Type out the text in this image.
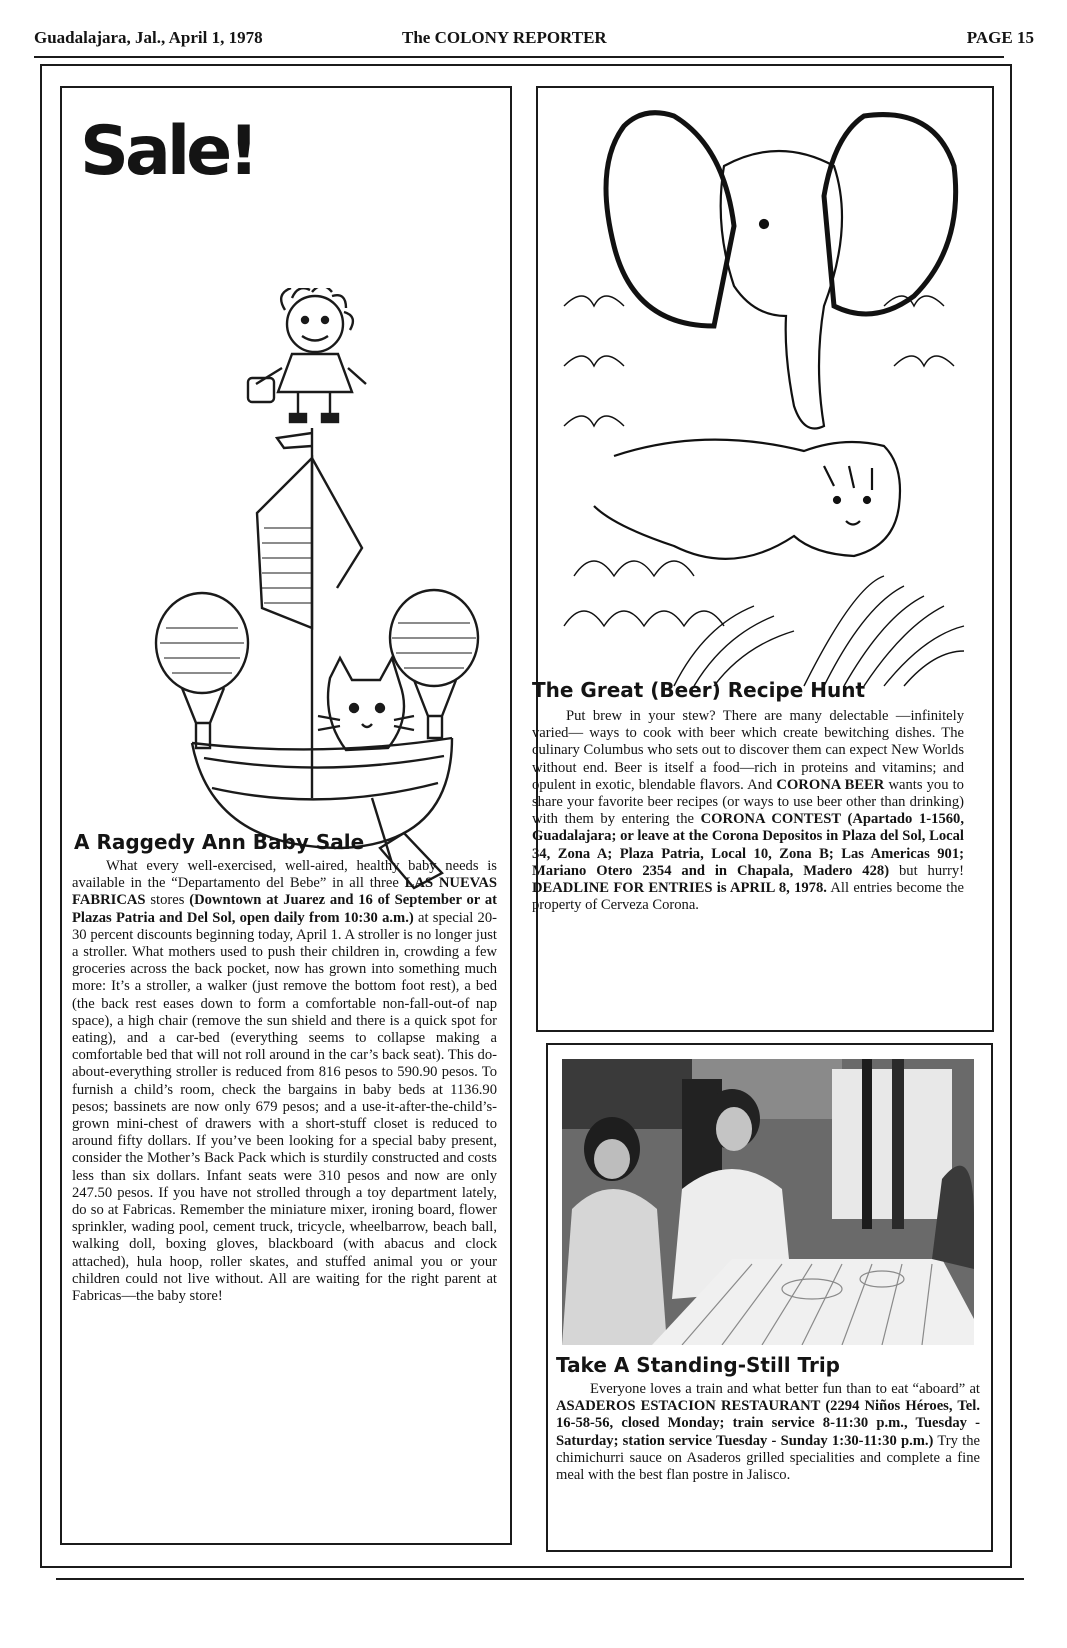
Guadalajara, Jal., April 1, 1978	The COLONY REPORTER	PAGE 15
Sale!
A Raggedy Ann Baby Sale

What every well-exercised, well-aired, healthy baby needs is available in the “Departamento del Bebe” in all three LAS NUEVAS FABRICAS stores (Downtown at Juarez and 16 of September or at Plazas Patria and Del Sol, open daily from 10:30 a.m.) at special 20-30 percent discounts beginning today, April 1. A stroller is no longer just a stroller. What mothers used to push their children in, crowding a few groceries across the back pocket, now has grown into something much more: It’s a stroller, a walker (just remove the bottom foot rest), a bed (the back rest eases down to form a comfortable non-fall-out-of nap space), a high chair (remove the sun shield and there is a quick spot for eating), and a car-bed (everything seems to collapse making a comfortable bed that will not roll around in the car’s back seat). This do-about-everything stroller is reduced from 816 pesos to 590.90 pesos. To furnish a child’s room, check the bargains in baby beds at 1136.90 pesos; bassinets are now only 679 pesos; and a use-it-after-the-child’s-grown mini-chest of drawers with a short-stuff closet is reduced to around fifty dollars. If you’ve been looking for a special baby present, consider the Mother’s Back Pack which is sturdily constructed and costs less than six dollars. Infant seats were 310 pesos and now are only 247.50 pesos. If you have not strolled through a toy department lately, do so at Fabricas. Remember the miniature mixer, ironing board, flower sprinkler, wading pool, cement truck, tricycle, wheelbarrow, beach ball, walking doll, boxing gloves, blackboard (with abacus and clock attached), hula hoop, roller skates, and stuffed animal you or your children could not live without. All are waiting for the right parent at Fabricas—the baby store!

The Great (Beer) Recipe Hunt

Put brew in your stew? There are many delectable —infinitely varied— ways to cook with beer which create bewitching dishes. The culinary Columbus who sets out to discover them can expect New Worlds without end. Beer is itself a food—rich in proteins and vitamins; and opulent in exotic, blendable flavors. And CORONA BEER wants you to share your favorite beer recipes (or ways to use beer other than drinking) with them by entering the CORONA CONTEST (Apartado 1-1560, Guadalajara; or leave at the Corona Depositos in Plaza del Sol, Local 34, Zona A; Plaza Patria, Local 10, Zona B; Las Americas 901; Mariano Otero 2354 and in Chapala, Madero 428) but hurry! DEADLINE FOR ENTRIES is APRIL 8, 1978. All entries become the property of Cerveza Corona.

Take A Standing-Still Trip

Everyone loves a train and what better fun than to eat “aboard” at ASADEROS ESTACION RESTAURANT (2294 Niños Héroes, Tel. 16-58-56, closed Monday; train service 8-11:30 p.m., Tuesday - Saturday; station service Tuesday - Sunday 1:30-11:30 p.m.) Try the chimichurri sauce on Asaderos grilled specialities and complete a fine meal with the best flan postre in Jalisco.
